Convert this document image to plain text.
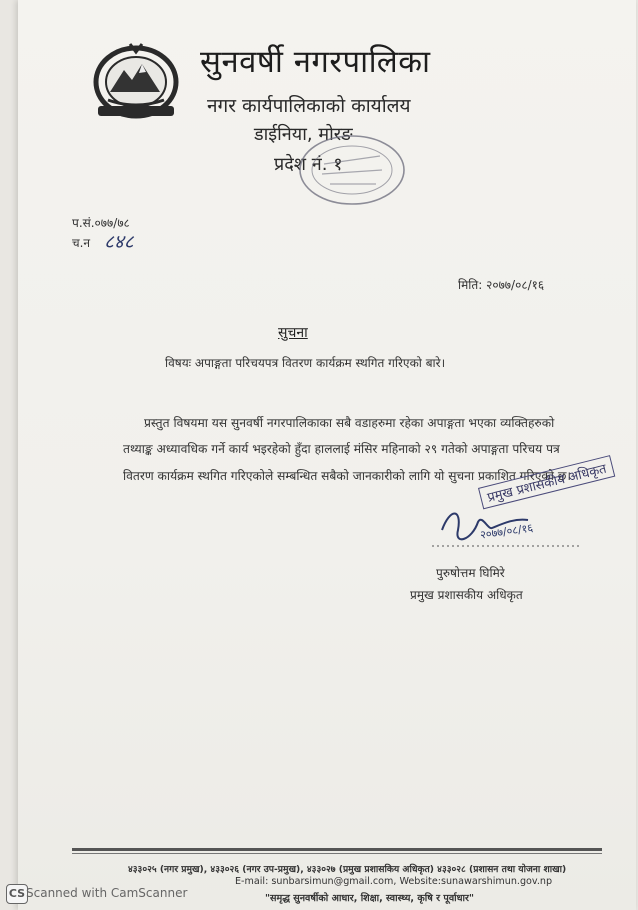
सुनवर्षी नगरपालिका
नगर कार्यपालिकाको कार्यालय
डाईनिया, मोरङ
प्रदेश नं. १
प.सं.०७७/७८
च.न ८४८
मिति: २०७७/०८/१६
सुचना
विषयः अपाङ्गता परिचयपत्र वितरण कार्यक्रम स्थगित गरिएको बारे।
प्रस्तुत विषयमा यस सुनवर्षी नगरपालिकाका सबै वडाहरुमा रहेका अपाङ्गता भएका व्यक्तिहरुको
तथ्याङ्क अध्यावधिक गर्ने कार्य भइरहेको हुँदा हाललाई मंसिर महिनाको २९ गतेको अपाङ्गता परिचय पत्र
वितरण कार्यक्रम स्थगित गरिएकोले सम्बन्धित सबैको जानकारीको लागि यो सुचना प्रकाशित गरिएको छ।
प्रमुख प्रशासकीय अधिकृत
२०७७/०८/१६
पुरुषोत्तम घिमिरे
प्रमुख प्रशासकीय अधिकृत
४३३०२५ (नगर प्रमुख), ४३३०२६ (नगर उप-प्रमुख), ४३३०२७ (प्रमुख प्रशासकिय अधिकृत) ४३३०२८ (प्रशासन तथा योजना शाखा)
E-mail: sunbarsimun@gmail.com, Website:sunawarshimun.gov.np
"समृद्ध सुनवर्षीको आधार, शिक्षा, स्वास्थ्य, कृषि र पूर्वाधार"
CS Scanned with CamScanner
